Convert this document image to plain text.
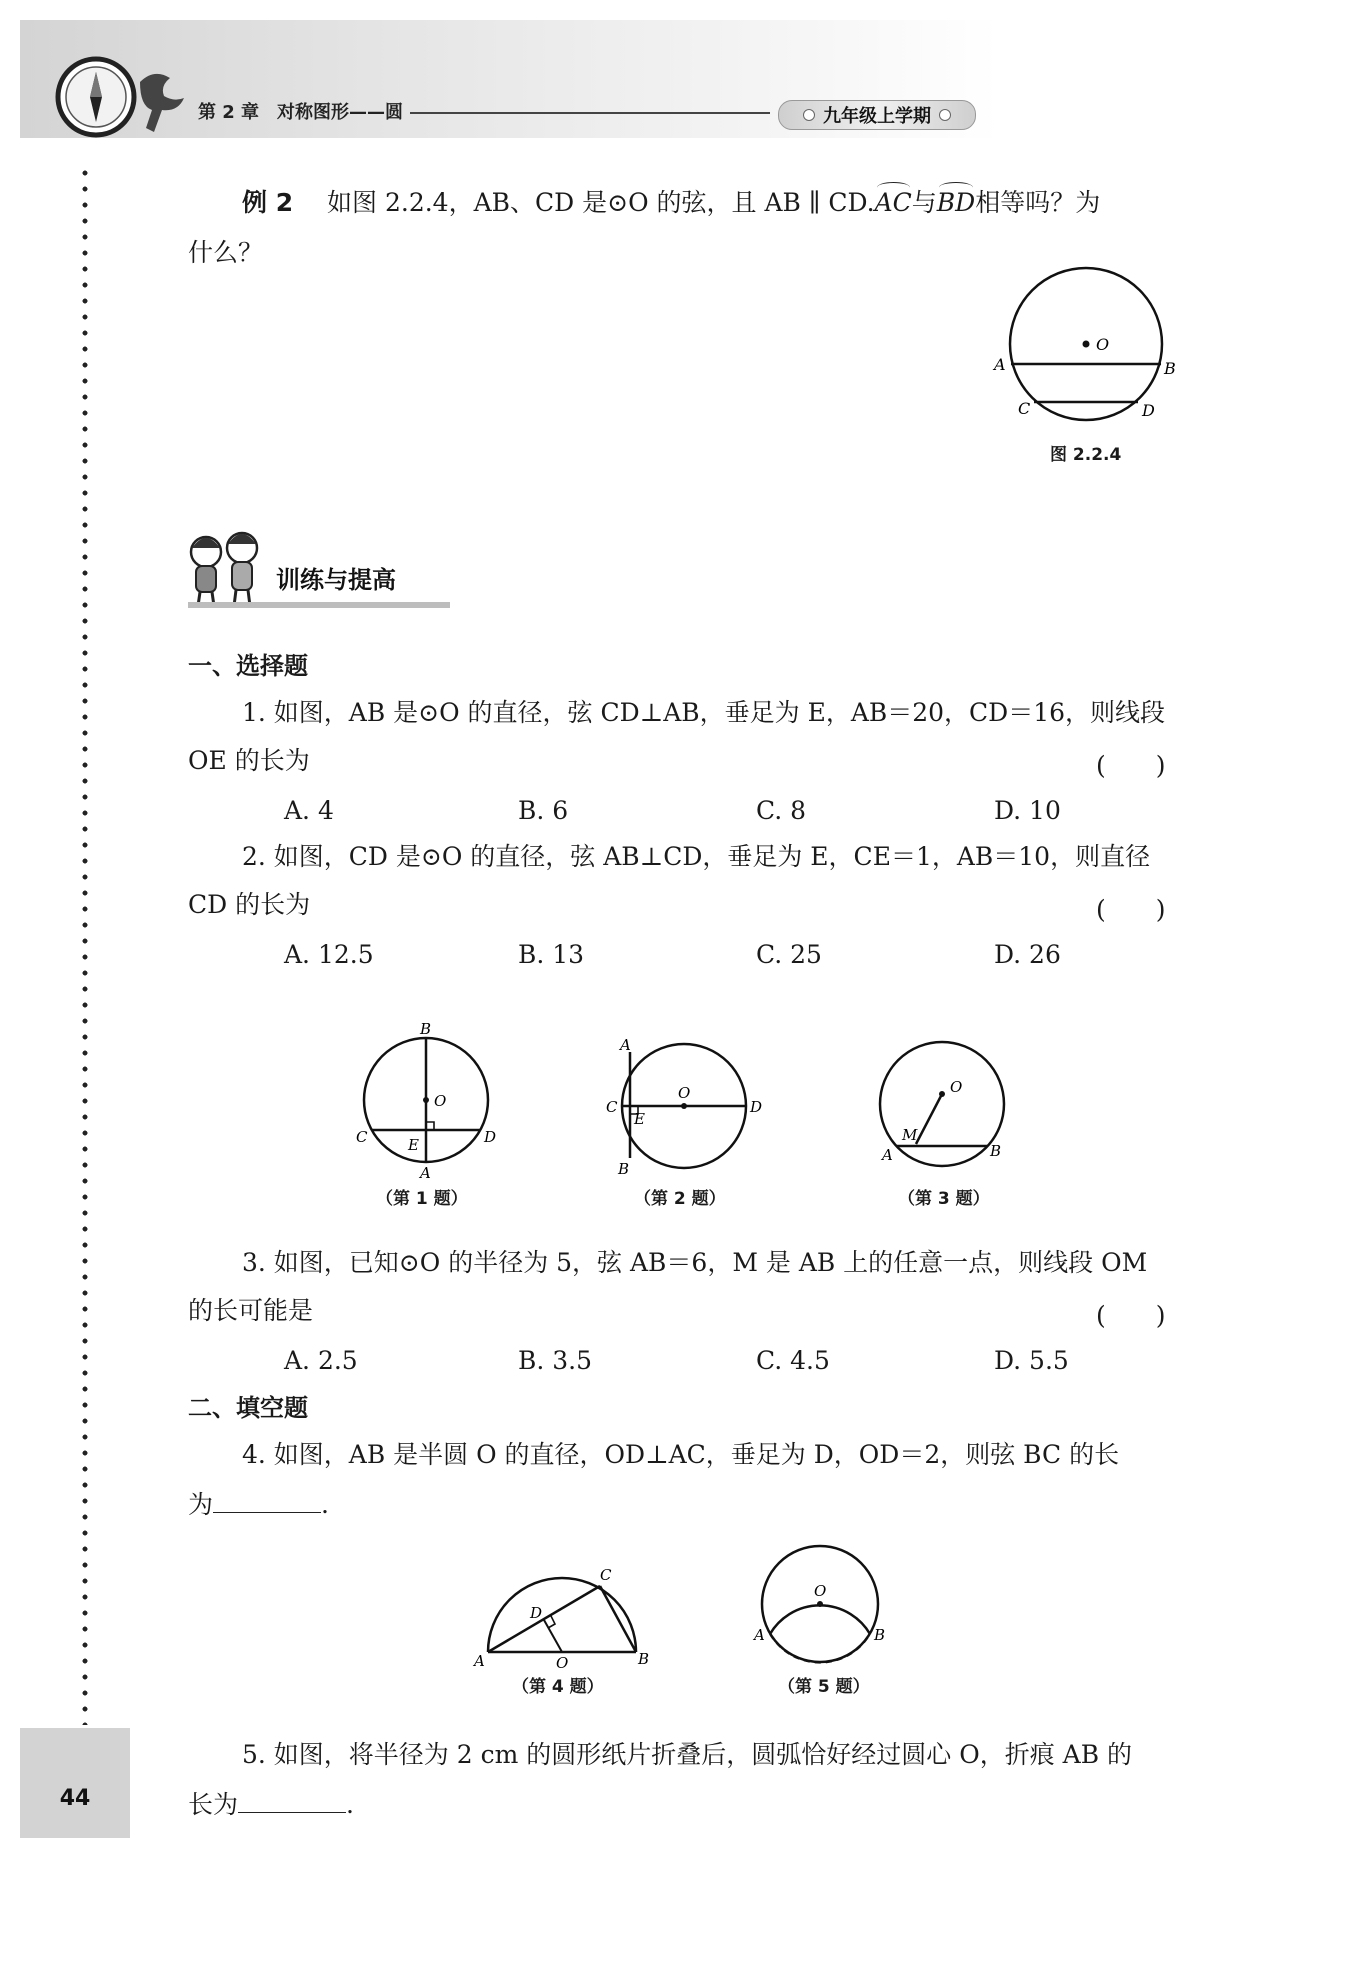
第 2 章　对称图形——圆	九年级上学期
44
例 2 如图 2.2.4，AB、CD 是⊙O 的弦，且 AB ∥ CD.
AC与
BD相等吗？为
什么？
O
A	B
C	D
图 2.2.4
训练与提高
一、选择题
1. 如图，AB 是⊙O 的直径，弦 CD⊥AB，垂足为 E，AB＝20，CD＝16，则线段
OE 的长为	(　　)
A. 4	B. 6	C. 8	D. 10
2. 如图，CD 是⊙O 的直径，弦 AB⊥CD，垂足为 E，CE＝1，AB＝10，则直径
CD 的长为	(　　)
A. 12.5	B. 13	C. 25	D. 26
B
O
C	E	D
A
（第 1 题）
A
C
E
O
D
B
（第 2 题）
O
M
A	B
（第 3 题）
3. 如图，已知⊙O 的半径为 5，弦 AB＝6，M 是 AB 上的任意一点，则线段 OM
的长可能是	(　　)
A. 2.5	B. 3.5	C. 4.5	D. 5.5
二、填空题
4. 如图，AB 是半圆 O 的直径，OD⊥AC，垂足为 D，OD＝2，则弦 BC 的长
为	.
A	O	B
D
C
（第 4 题）
O
A	B
（第 5 题）
5. 如图，将半径为 2 cm 的圆形纸片折叠后，圆弧恰好经过圆心 O，折痕 AB 的
长为	.
